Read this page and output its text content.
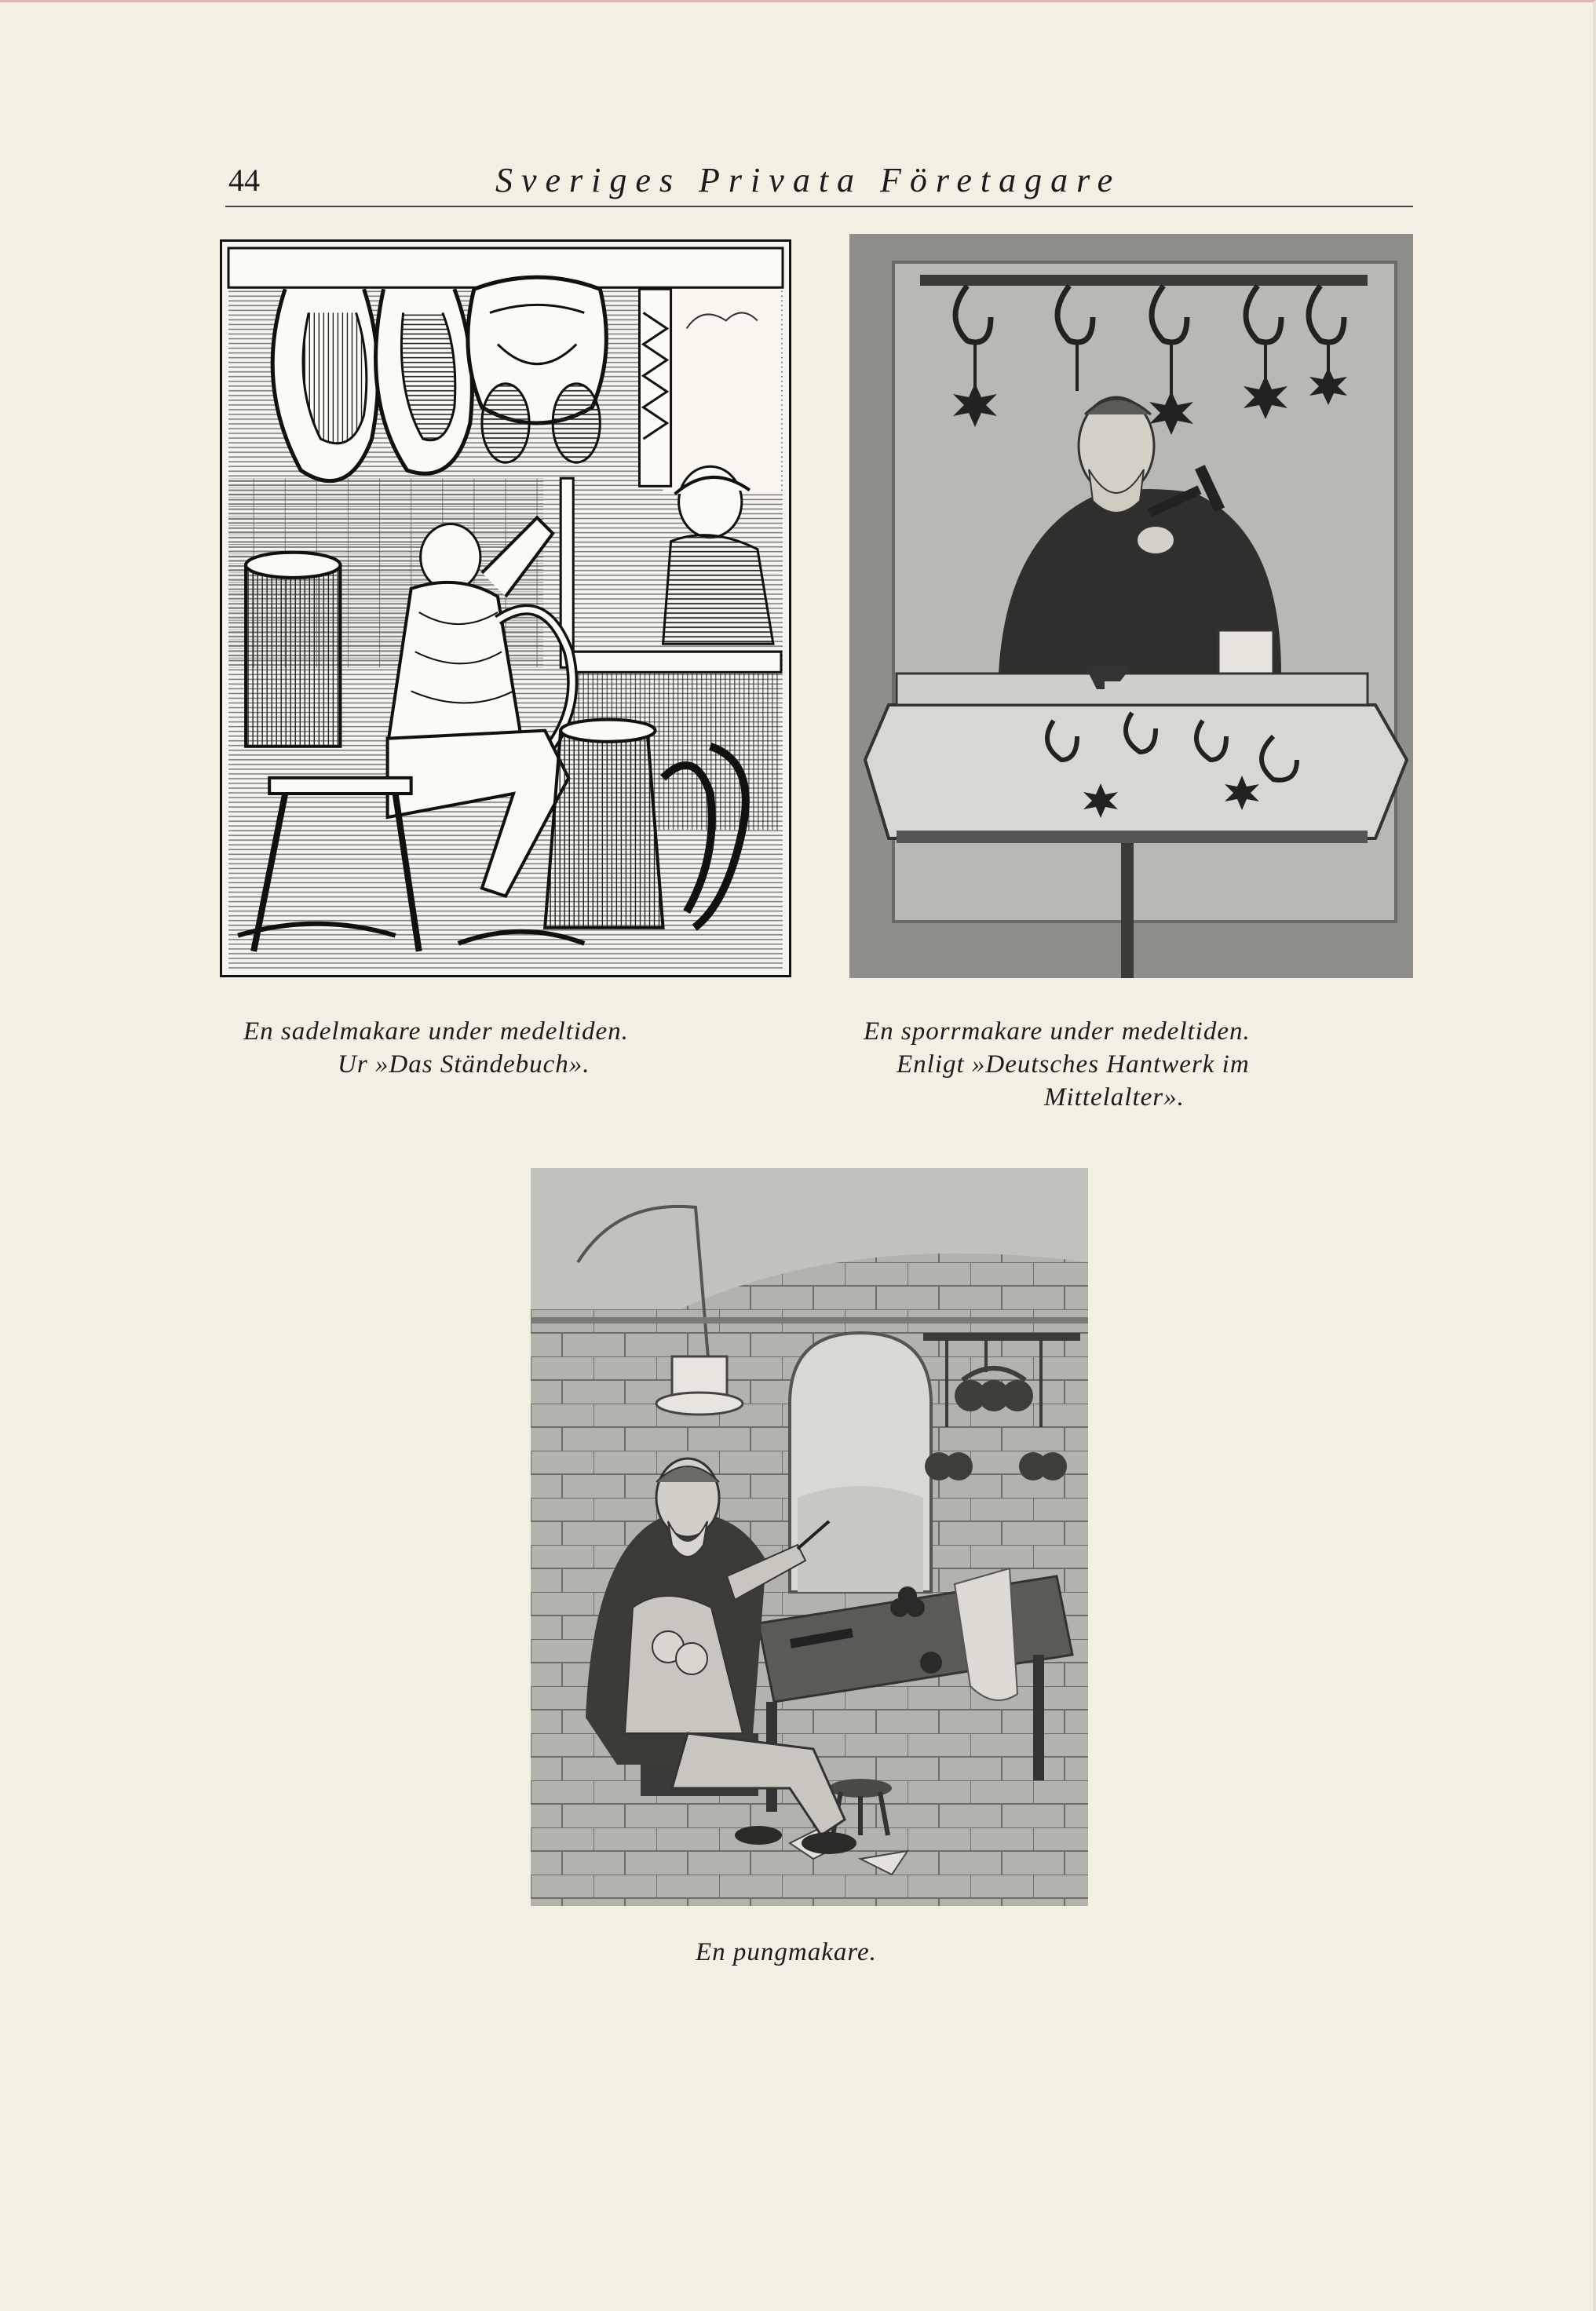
44	Sveriges Privata Företagare
En sadelmakare under medeltiden.
Ur »Das Ständebuch».
En sporrmakare under medeltiden.
Enligt »Deutsches Hantwerk im
Mittelalter».
En pungmakare.
